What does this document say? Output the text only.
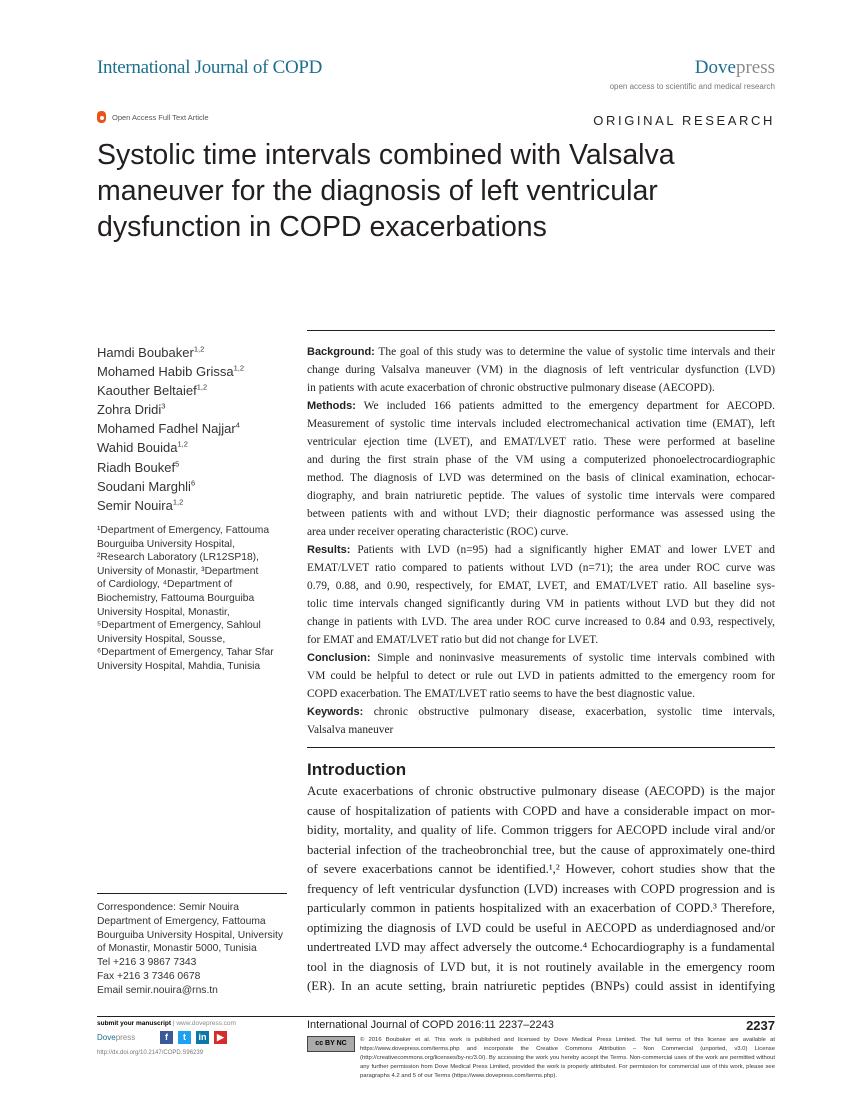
International Journal of COPD	Dovepress
open access to scientific and medical research
Open Access Full Text Article	ORIGINAL RESEARCH
Systolic time intervals combined with Valsalva
maneuver for the diagnosis of left ventricular
dysfunction in COPD exacerbations
Hamdi Boubaker$^{1,2}$
Mohamed Habib Grissa$^{1,2}$
Kaouther Beltaief$^{1,2}$
Zohra Dridi$^3$
Mohamed Fadhel Najjar$^4$
Wahid Bouida$^{1,2}$
Riadh Boukef$^5$
Soudani Marghli$^6$
Semir Nouira$^{1,2}$
¹Department of Emergency, Fattouma
Bourguiba University Hospital,
²Research Laboratory (LR12SP18),
University of Monastir, ³Department
of Cardiology, ⁴Department of
Biochemistry, Fattouma Bourguiba
University Hospital, Monastir,
⁵Department of Emergency, Sahloul
University Hospital, Sousse,
⁶Department of Emergency, Tahar Sfar
University Hospital, Mahdia, Tunisia
Correspondence: Semir Nouira
Department of Emergency, Fattouma
Bourguiba University Hospital, University
of Monastir, Monastir 5000, Tunisia
Tel +216 3 9867 7343
Fax +216 3 7346 0678
Email semir.nouira@rns.tn
Background: The goal of this study was to determine the value of systolic time intervals and their
change during Valsalva maneuver (VM) in the diagnosis of left ventricular dysfunction (LVD)
in patients with acute exacerbation of chronic obstructive pulmonary disease (AECOPD).
Methods: We included 166 patients admitted to the emergency department for AECOPD.
Measurement of systolic time intervals included electromechanical activation time (EMAT), left
ventricular ejection time (LVET), and EMAT/LVET ratio. These were performed at baseline
and during the first strain phase of the VM using a computerized phonoelectrocardiographic
method. The diagnosis of LVD was determined on the basis of clinical examination, echocar-
diography, and brain natriuretic peptide. The values of systolic time intervals were compared
between patients with and without LVD; their diagnostic performance was assessed using the
area under receiver operating characteristic (ROC) curve.
Results: Patients with LVD (n=95) had a significantly higher EMAT and lower LVET and
EMAT/LVET ratio compared to patients without LVD (n=71); the area under ROC curve was
0.79, 0.88, and 0.90, respectively, for EMAT, LVET, and EMAT/LVET ratio. All baseline sys-
tolic time intervals changed significantly during VM in patients without LVD but they did not
change in patients with LVD. The area under ROC curve increased to 0.84 and 0.93, respectively,
for EMAT and EMAT/LVET ratio but did not change for LVET.
Conclusion: Simple and noninvasive measurements of systolic time intervals combined with
VM could be helpful to detect or rule out LVD in patients admitted to the emergency room for
COPD exacerbation. The EMAT/LVET ratio seems to have the best diagnostic value.
Keywords: chronic obstructive pulmonary disease, exacerbation, systolic time intervals,
Valsalva maneuver
Introduction
Acute exacerbations of chronic obstructive pulmonary disease (AECOPD) is the major
cause of hospitalization of patients with COPD and have a considerable impact on mor-
bidity, mortality, and quality of life. Common triggers for AECOPD include viral and/or
bacterial infection of the tracheobronchial tree, but the cause of approximately one-third
of severe exacerbations cannot be identified.¹,² However, cohort studies show that the
frequency of left ventricular dysfunction (LVD) increases with COPD progression and is
particularly common in patients hospitalized with an exacerbation of COPD.³ Therefore,
optimizing the diagnosis of LVD could be useful in AECOPD as underdiagnosed and/or
undertreated LVD may affect adversely the outcome.⁴ Echocardiography is a fundamental
tool in the diagnosis of LVD but, it is not routinely available in the emergency room
(ER). In an acute setting, brain natriuretic peptides (BNPs) could assist in identifying
submit your manuscript | www.dovepress.com
Dovepress	f	t	in	▶
http://dx.doi.org/10.2147/COPD.S96239
International Journal of COPD 2016:11 2237–2243	2237
cc BY NC	© 2016 Boubaker et al. This work is published and licensed by Dove Medical Press Limited. The full terms of this license are available at https://www.dovepress.com/terms.php and incorporate the Creative Commons Attribution – Non Commercial (unported, v3.0) License (http://creativecommons.org/licenses/by-nc/3.0/). By accessing the work you hereby accept the Terms. Non-commercial uses of the work are permitted without any further permission from Dove Medical Press Limited, provided the work is properly attributed. For permission for commercial use of this work, please see paragraphs 4.2 and 5 of our Terms (https://www.dovepress.com/terms.php).
